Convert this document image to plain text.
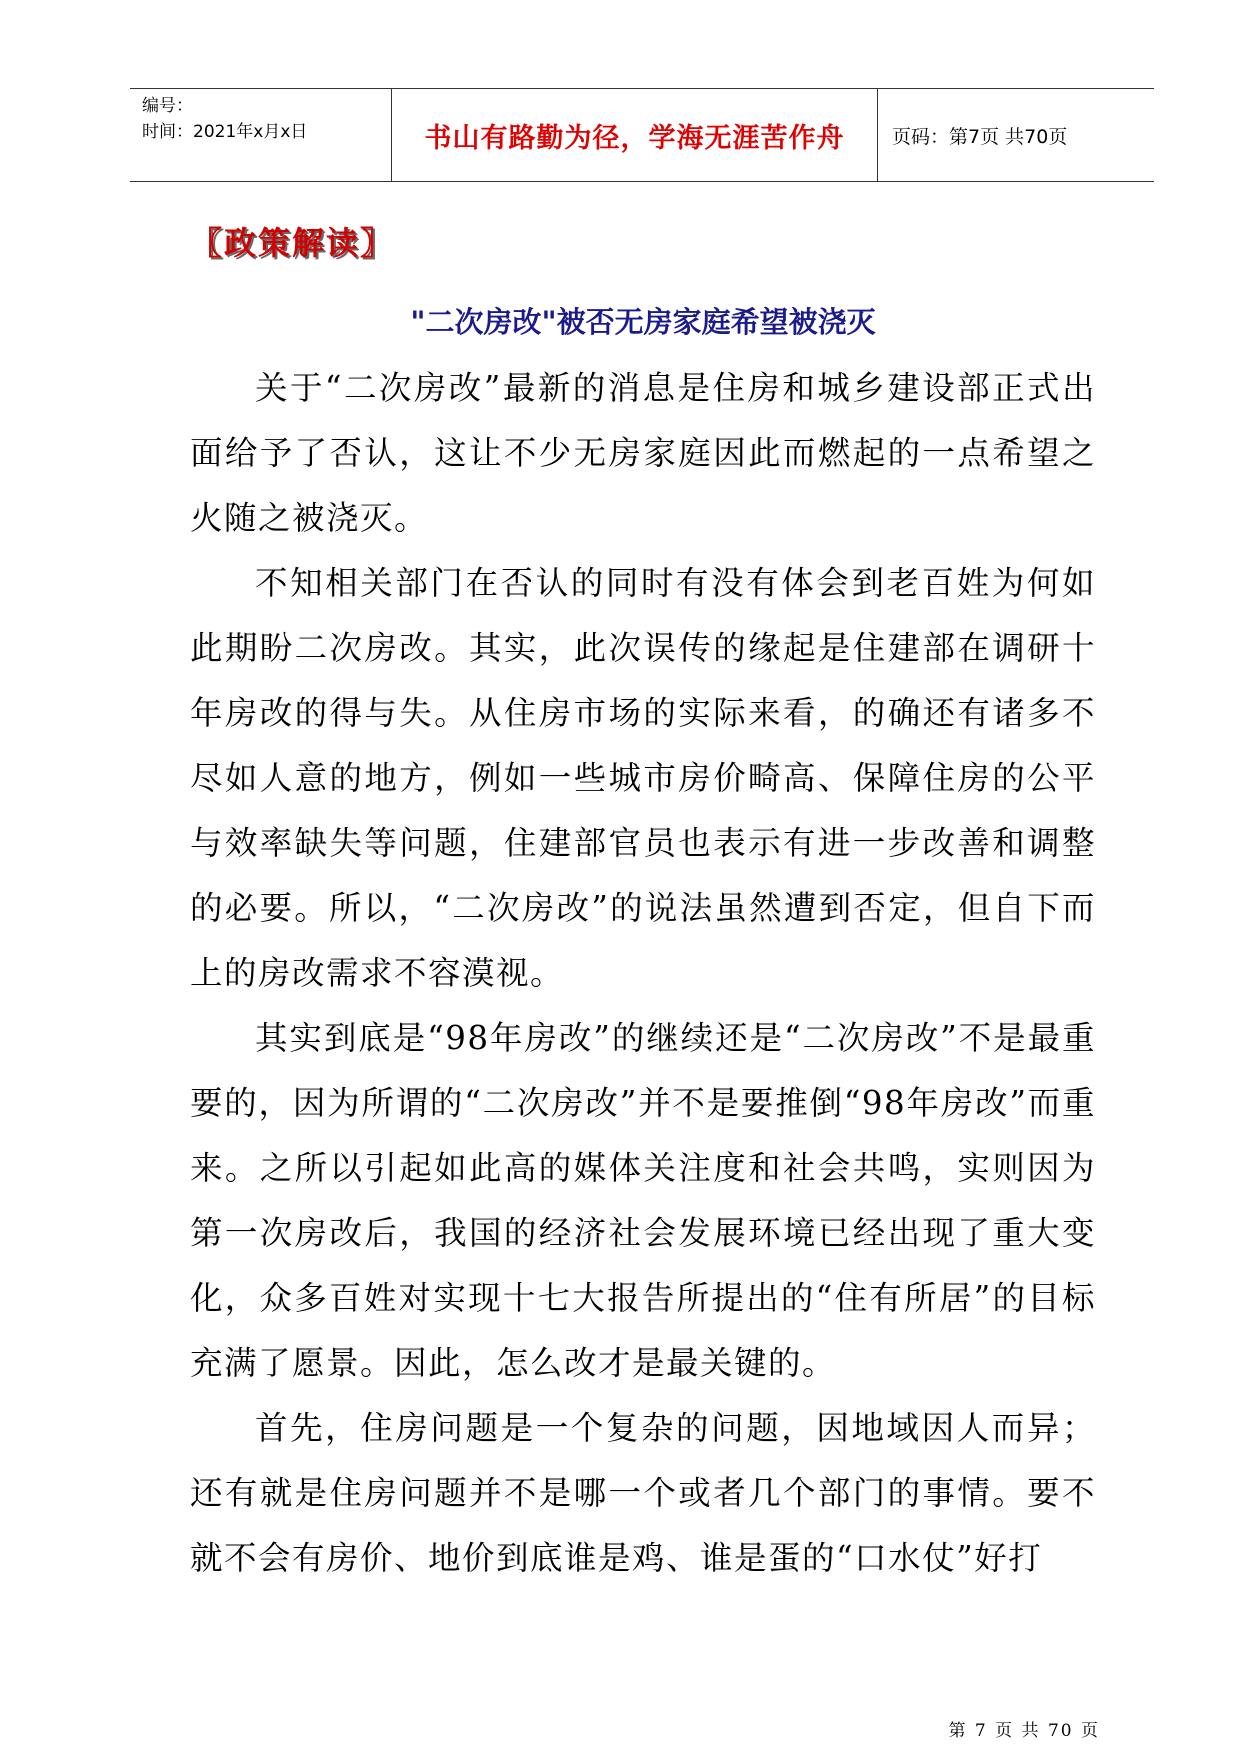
编号：
时间：2021年x月x日	书山有路勤为径，学海无涯苦作舟	页码：第7页 共70页
〖政策解读〗
"二次房改"被否无房家庭希望被浇灭

关于“二次房改”最新的消息是住房和城乡建设部正式出面给予了否认，这让不少无房家庭因此而燃起的一点希望之火随之被浇灭。

不知相关部门在否认的同时有没有体会到老百姓为何如此期盼二次房改。其实，此次误传的缘起是住建部在调研十年房改的得与失。从住房市场的实际来看，的确还有诸多不尽如人意的地方，例如一些城市房价畸高、保障住房的公平与效率缺失等问题，住建部官员也表示有进一步改善和调整的必要。所以，“二次房改”的说法虽然遭到否定，但自下而上的房改需求不容漠视。

其实到底是“98年房改”的继续还是“二次房改”不是最重要的，因为所谓的“二次房改”并不是要推倒“98年房改”而重来。之所以引起如此高的媒体关注度和社会共鸣，实则因为第一次房改后，我国的经济社会发展环境已经出现了重大变化，众多百姓对实现十七大报告所提出的“住有所居”的目标充满了愿景。因此，怎么改才是最关键的。

首先，住房问题是一个复杂的问题，因地域因人而异；还有就是住房问题并不是哪一个或者几个部门的事情。要不就不会有房价、地价到底谁是鸡、谁是蛋的“口水仗”好打

第 7 页 共 70 页
